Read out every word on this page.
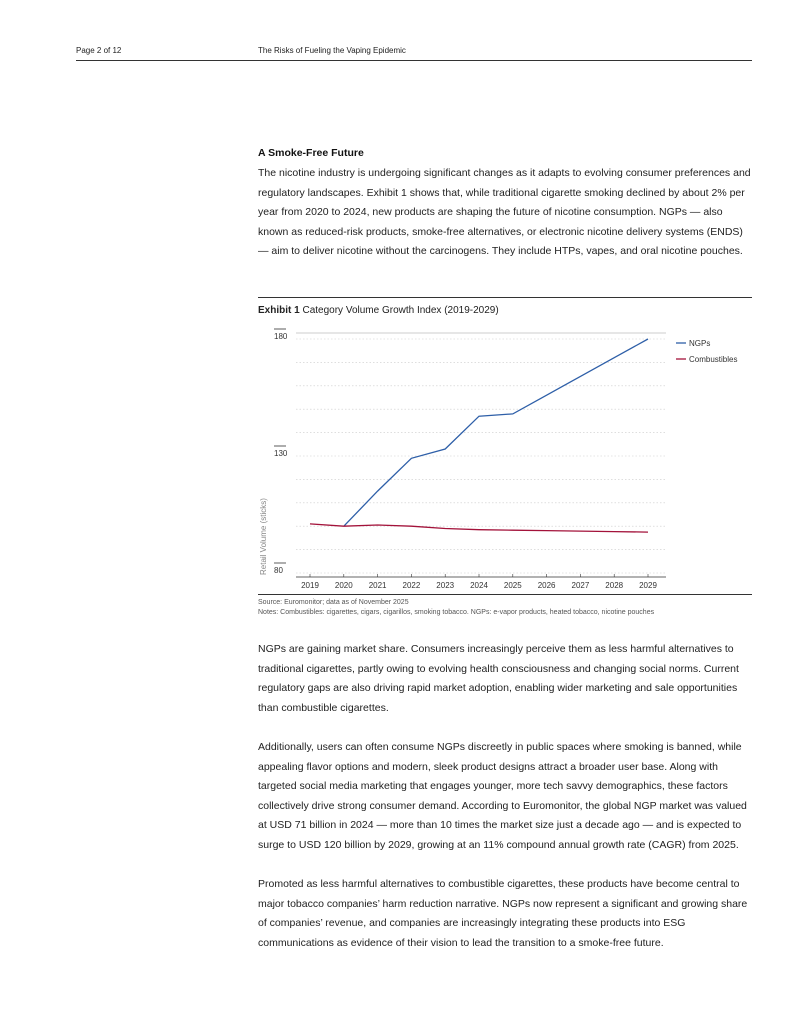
Page 2 of 12	The Risks of Fueling the Vaping Epidemic
A Smoke-Free Future

The nicotine industry is undergoing significant changes as it adapts to evolving consumer preferences and regulatory landscapes. Exhibit 1 shows that, while traditional cigarette smoking declined by about 2% per year from 2020 to 2024, new products are shaping the future of nicotine consumption. NGPs — also known as reduced-risk products, smoke-free alternatives, or electronic nicotine delivery systems (ENDS) — aim to deliver nicotine without the carcinogens. They include HTPs, vapes, and oral nicotine pouches.

Exhibit 1 Category Volume Growth Index (2019-2029)
80
130
180
Retail Volume (sticks)
2019 2020 2021 2022 2023 2024 2025 2026 2027 2028 2029
NGPs
Combustibles
Source: Euromonitor; data as of November 2025
Notes: Combustibles: cigarettes, cigars, cigarillos, smoking tobacco. NGPs: e-vapor products, heated tobacco, nicotine pouches

NGPs are gaining market share. Consumers increasingly perceive them as less harmful alternatives to traditional cigarettes, partly owing to evolving health consciousness and changing social norms. Current regulatory gaps are also driving rapid market adoption, enabling wider marketing and sale opportunities than combustible cigarettes.

Additionally, users can often consume NGPs discreetly in public spaces where smoking is banned, while appealing flavor options and modern, sleek product designs attract a broader user base. Along with targeted social media marketing that engages younger, more tech savvy demographics, these factors collectively drive strong consumer demand. According to Euromonitor, the global NGP market was valued at USD 71 billion in 2024 — more than 10 times the market size just a decade ago — and is expected to surge to USD 120 billion by 2029, growing at an 11% compound annual growth rate (CAGR) from 2025.

Promoted as less harmful alternatives to combustible cigarettes, these products have become central to major tobacco companies’ harm reduction narrative. NGPs now represent a significant and growing share of companies’ revenue, and companies are increasingly integrating these products into ESG communications as evidence of their vision to lead the transition to a smoke-free future.
